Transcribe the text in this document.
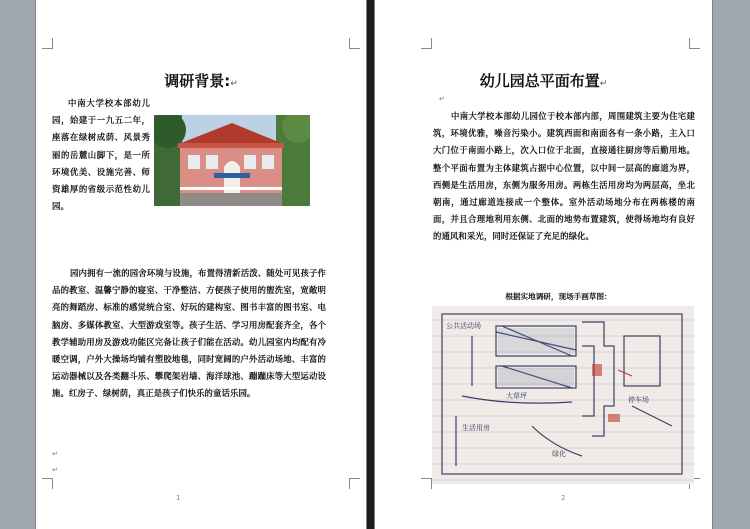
调研背景:↵
中南大学校本部幼儿园，始建于一九五二年，座落在绿树成荫、风景秀丽的岳麓山脚下，是一所环境优美、设施完善、师资雄厚的省级示范性幼儿园。
园内拥有一流的园舍环境与设施，布置得清新活泼、随处可见孩子作品的教室、温馨宁静的寝室、干净整洁、方便孩子使用的盥洗室，宽敞明亮的舞蹈房、标准的感觉统合室、好玩的建构室、图书丰富的图书室、电脑房、多媒体教室、大型游戏室等。孩子生活、学习用房配套齐全，各个教学辅助用房及游戏功能区完备让孩子们能在活动。幼儿园室内均配有冷暖空调，户外大操场均铺有塑胶地毯，同时宽阔的户外活动场地、丰富的运动器械以及各类翻斗乐、攀爬架岩墙、海洋球池、蹦蹦床等大型运动设施。红房子、绿树荫，真正是孩子们快乐的童话乐园。
↵
↵
1
幼儿园总平面布置↵
↵
中南大学校本部幼儿园位于校本部内部，周围建筑主要为住宅建筑，环境优雅，噪音污染小。建筑西面和南面各有一条小路，主入口大门位于南面小路上，次入口位于北面，直接通往厨房等后勤用地。整个平面布置为主体建筑占据中心位置，以中间一层高的廊道为界，西侧是生活用房，东侧为服务用房。两栋生活用房均为两层高，坐北朝南，通过廊道连接成一个整体。室外活动场地分布在两栋楼的南面，并且合理地利用东侧、北面的地势布置建筑，使得场地均有良好的通风和采光，同时还保证了充足的绿化。
根据实地调研，现场手画草图：
公共活动场
大草坪	停车场
生活用房
绿化
2
